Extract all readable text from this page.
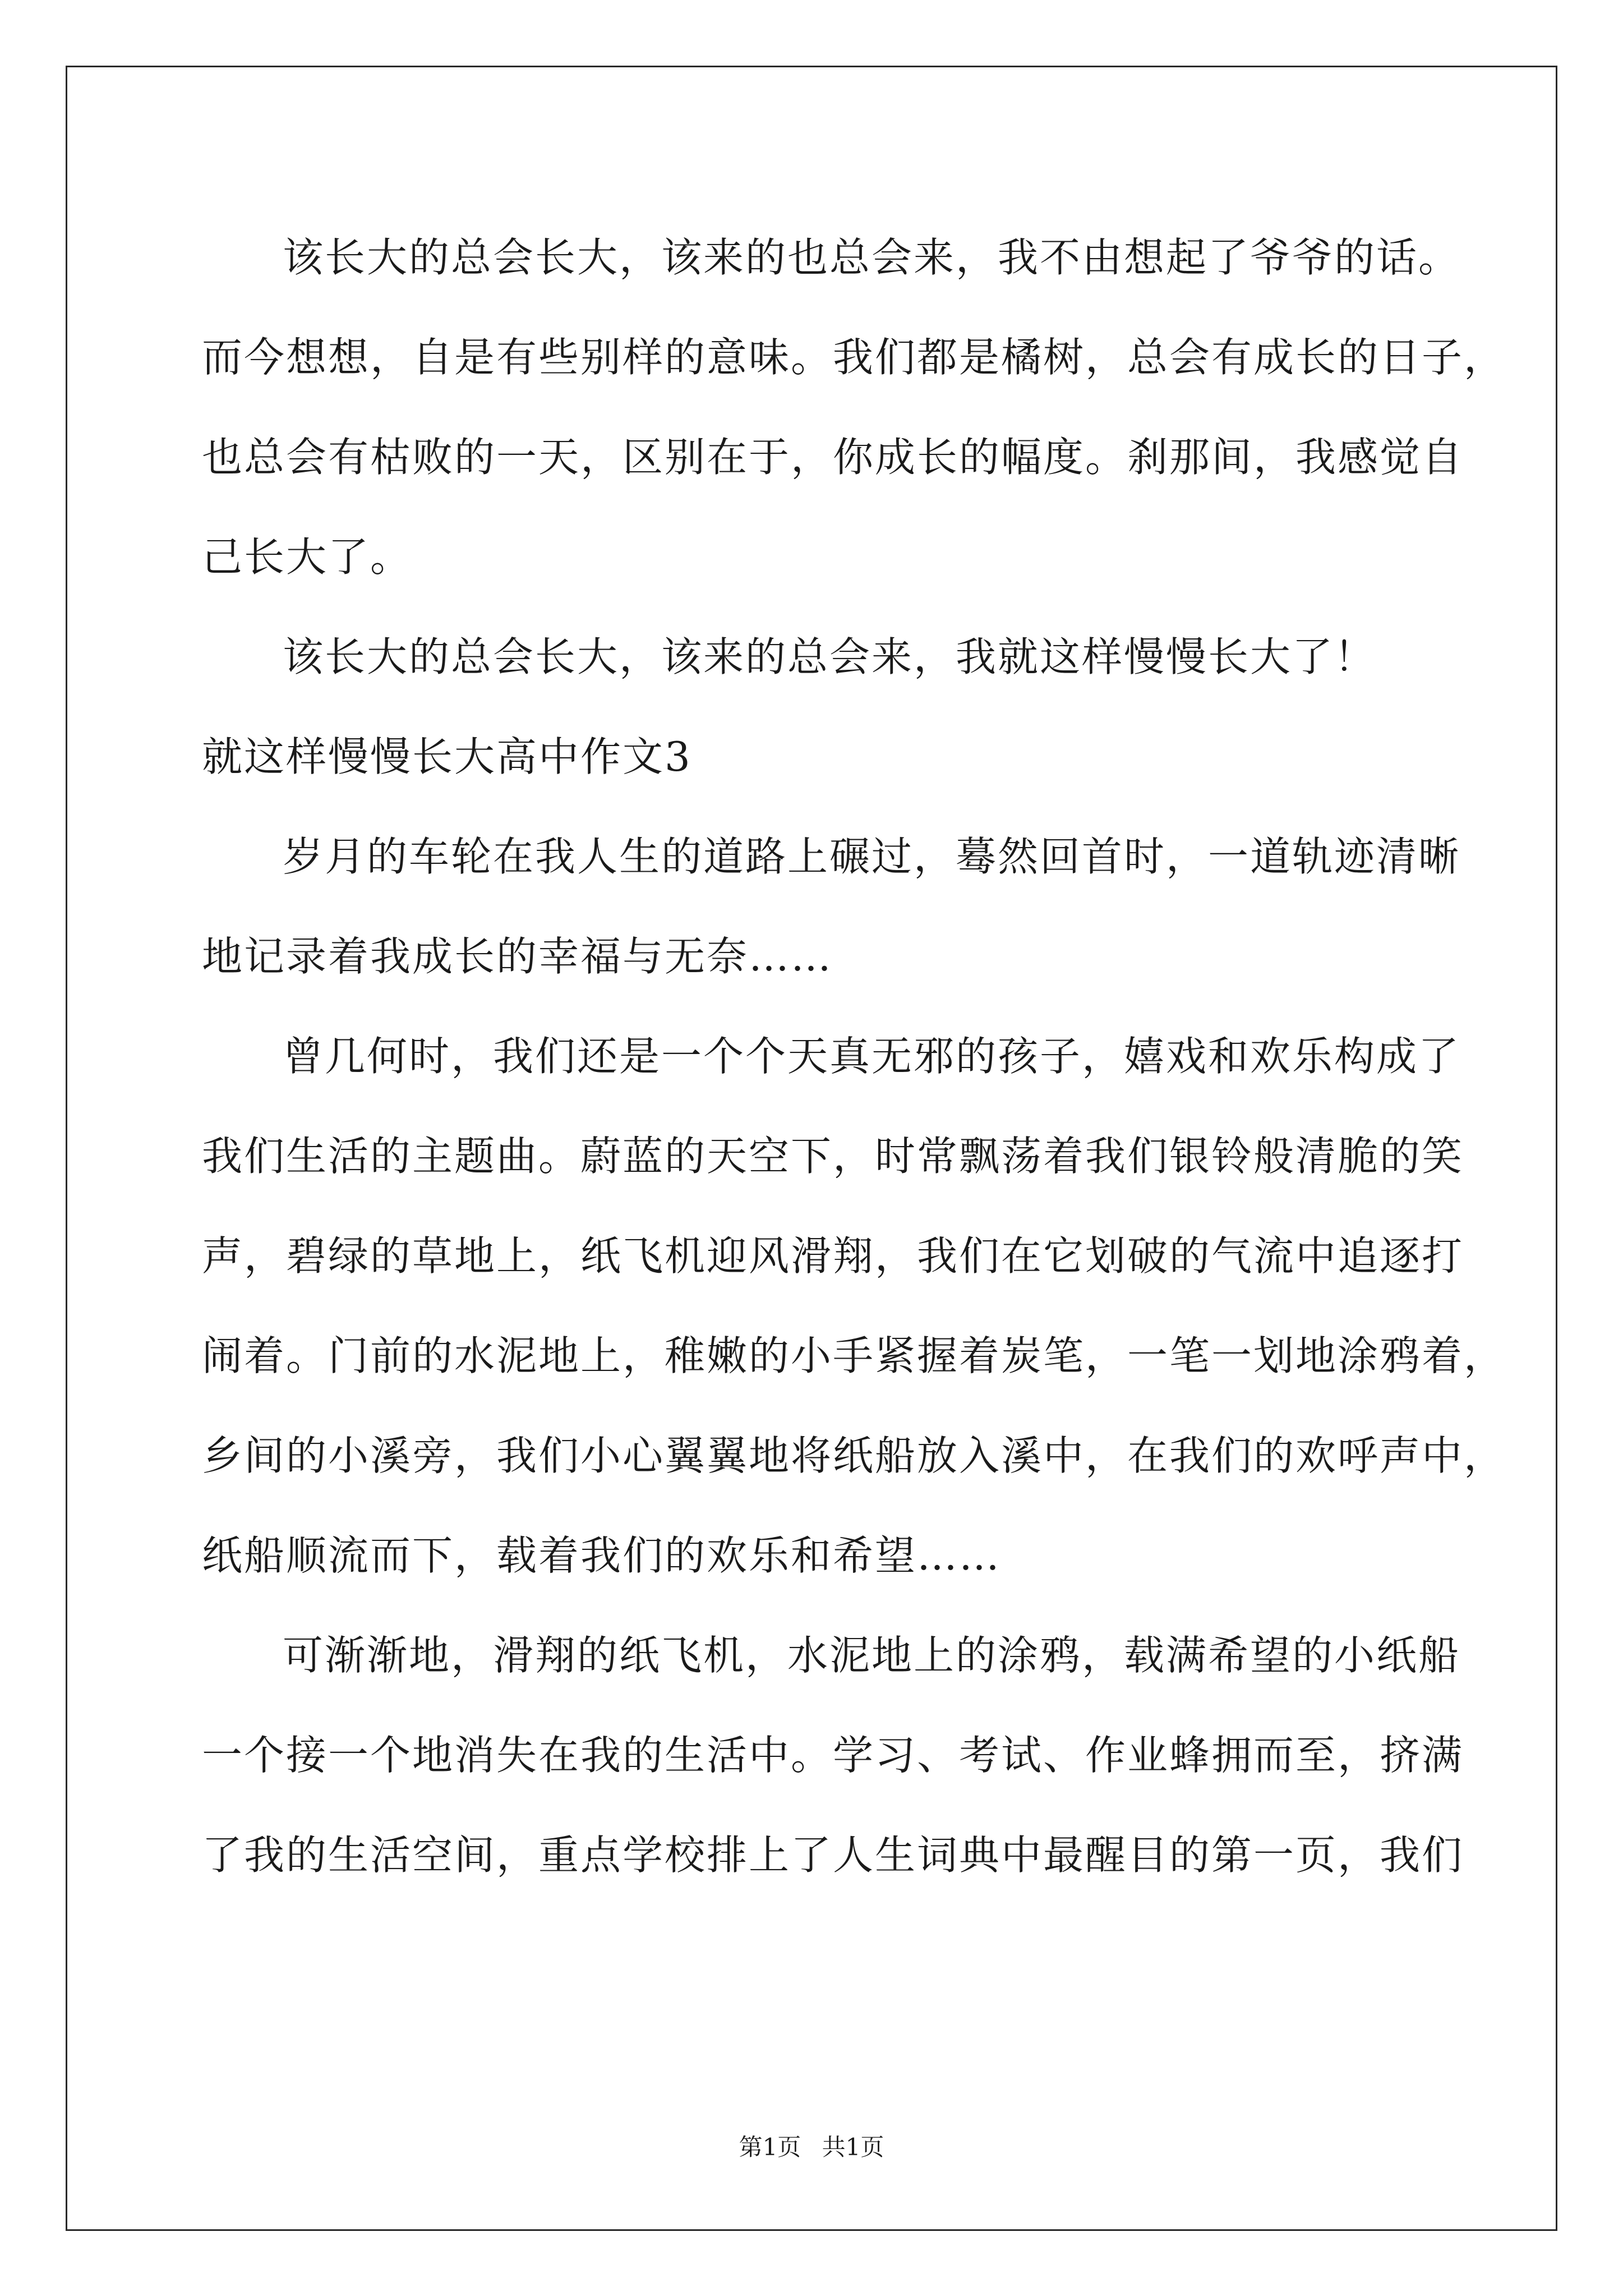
该长大的总会长大，该来的也总会来，我不由想起了爷爷的话。
而今想想，自是有些别样的意味。我们都是橘树，总会有成长的日子，
也总会有枯败的一天，区别在于，你成长的幅度。刹那间，我感觉自
己长大了。
该长大的总会长大，该来的总会来，我就这样慢慢长大了！
就这样慢慢长大高中作文3
岁月的车轮在我人生的道路上碾过，蓦然回首时，一道轨迹清晰
地记录着我成长的幸福与无奈……
曾几何时，我们还是一个个天真无邪的孩子，嬉戏和欢乐构成了
我们生活的主题曲。蔚蓝的天空下，时常飘荡着我们银铃般清脆的笑
声，碧绿的草地上，纸飞机迎风滑翔，我们在它划破的气流中追逐打
闹着。门前的水泥地上，稚嫩的小手紧握着炭笔，一笔一划地涂鸦着，
乡间的小溪旁，我们小心翼翼地将纸船放入溪中，在我们的欢呼声中，
纸船顺流而下，载着我们的欢乐和希望……
可渐渐地，滑翔的纸飞机，水泥地上的涂鸦，载满希望的小纸船
一个接一个地消失在我的生活中。学习、考试、作业蜂拥而至，挤满
了我的生活空间，重点学校排上了人生词典中最醒目的第一页，我们
第1页 共1页
